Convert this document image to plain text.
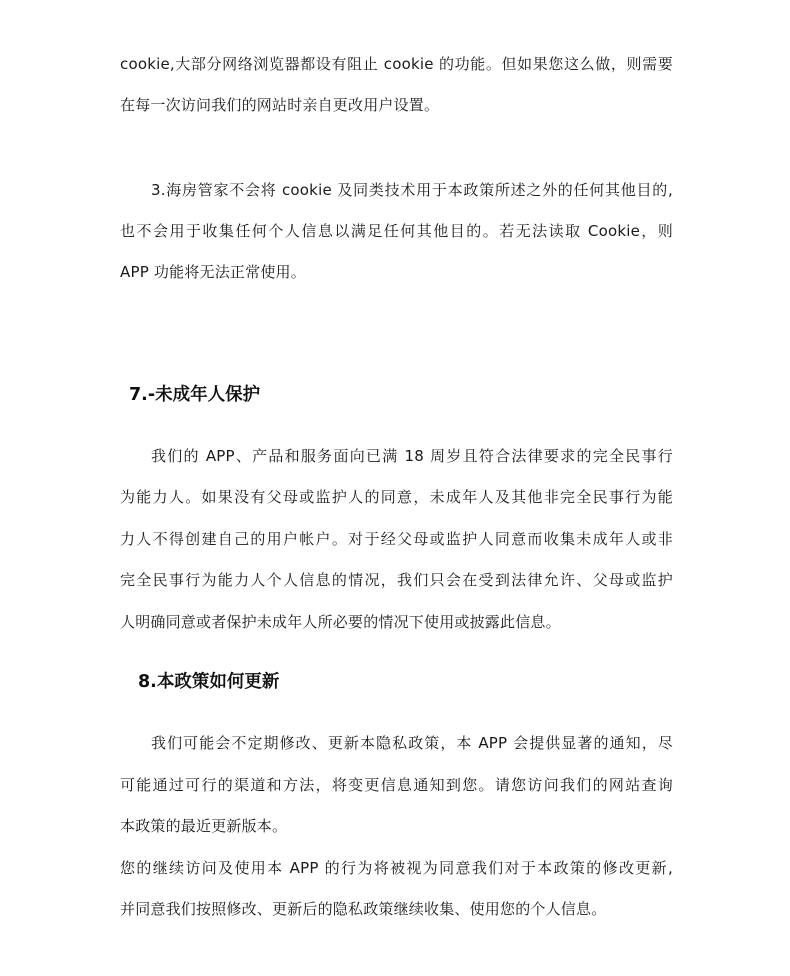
cookie,大部分网络浏览器都设有阻止 cookie 的功能。但如果您这么做，则需要
在每一次访问我们的网站时亲自更改用户设置。
3.海房管家不会将 cookie 及同类技术用于本政策所述之外的任何其他目的,
也不会用于收集任何个人信息以满足任何其他目的。若无法读取 Cookie，则
APP 功能将无法正常使用。
7.-未成年人保护
我们的 APP、产品和服务面向已满 18 周岁且符合法律要求的完全民事行
为能力人。如果没有父母或监护人的同意，未成年人及其他非完全民事行为能
力人不得创建自己的用户帐户。对于经父母或监护人同意而收集未成年人或非
完全民事行为能力人个人信息的情况，我们只会在受到法律允许、父母或监护
人明确同意或者保护未成年人所必要的情况下使用或披露此信息。
8.本政策如何更新
我们可能会不定期修改、更新本隐私政策，本 APP 会提供显著的通知，尽
可能通过可行的渠道和方法，将变更信息通知到您。请您访问我们的网站查询
本政策的最近更新版本。
您的继续访问及使用本 APP 的行为将被视为同意我们对于本政策的修改更新,
并同意我们按照修改、更新后的隐私政策继续收集、使用您的个人信息。
